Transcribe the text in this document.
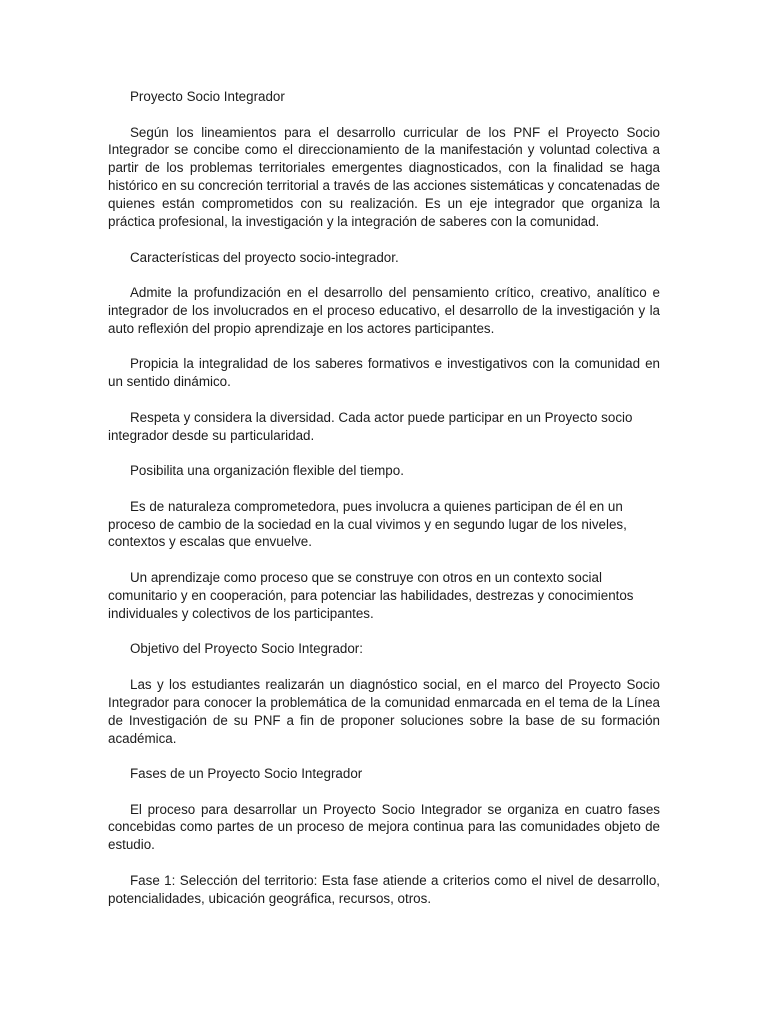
Proyecto Socio Integrador

Según los lineamientos para el desarrollo curricular de los PNF el Proyecto Socio Integrador se concibe como el direccionamiento de la manifestación y voluntad colectiva a partir de los problemas territoriales emergentes diagnosticados, con la finalidad se haga histórico en su concreción territorial a través de las acciones sistemáticas y concatenadas de quienes están comprometidos con su realización. Es un eje integrador que organiza la práctica profesional, la investigación y la integración de saberes con la comunidad.

Características del proyecto socio-integrador.

Admite la profundización en el desarrollo del pensamiento crítico, creativo, analítico e integrador de los involucrados en el proceso educativo, el desarrollo de la investigación y la auto reflexión del propio aprendizaje en los actores participantes.

Propicia la integralidad de los saberes formativos e investigativos con la comunidad en un sentido dinámico.

Respeta y considera la diversidad. Cada actor puede participar en un Proyecto socio integrador desde su particularidad.

Posibilita una organización flexible del tiempo.

Es de naturaleza comprometedora, pues involucra a quienes participan de él en un proceso de cambio de la sociedad en la cual vivimos y en segundo lugar de los niveles, contextos y escalas que envuelve.

Un aprendizaje como proceso que se construye con otros en un contexto social comunitario y en cooperación, para potenciar las habilidades, destrezas y conocimientos individuales y colectivos de los participantes.

Objetivo del Proyecto Socio Integrador:

Las y los estudiantes realizarán un diagnóstico social, en el marco del Proyecto Socio Integrador para conocer la problemática de la comunidad enmarcada en el tema de la Línea de Investigación de su PNF a fin de proponer soluciones sobre la base de su formación académica.

Fases de un Proyecto Socio Integrador

El proceso para desarrollar un Proyecto Socio Integrador se organiza en cuatro fases concebidas como partes de un proceso de mejora continua para las comunidades objeto de estudio.

Fase 1: Selección del territorio: Esta fase atiende a criterios como el nivel de desarrollo, potencialidades, ubicación geográfica, recursos, otros.
